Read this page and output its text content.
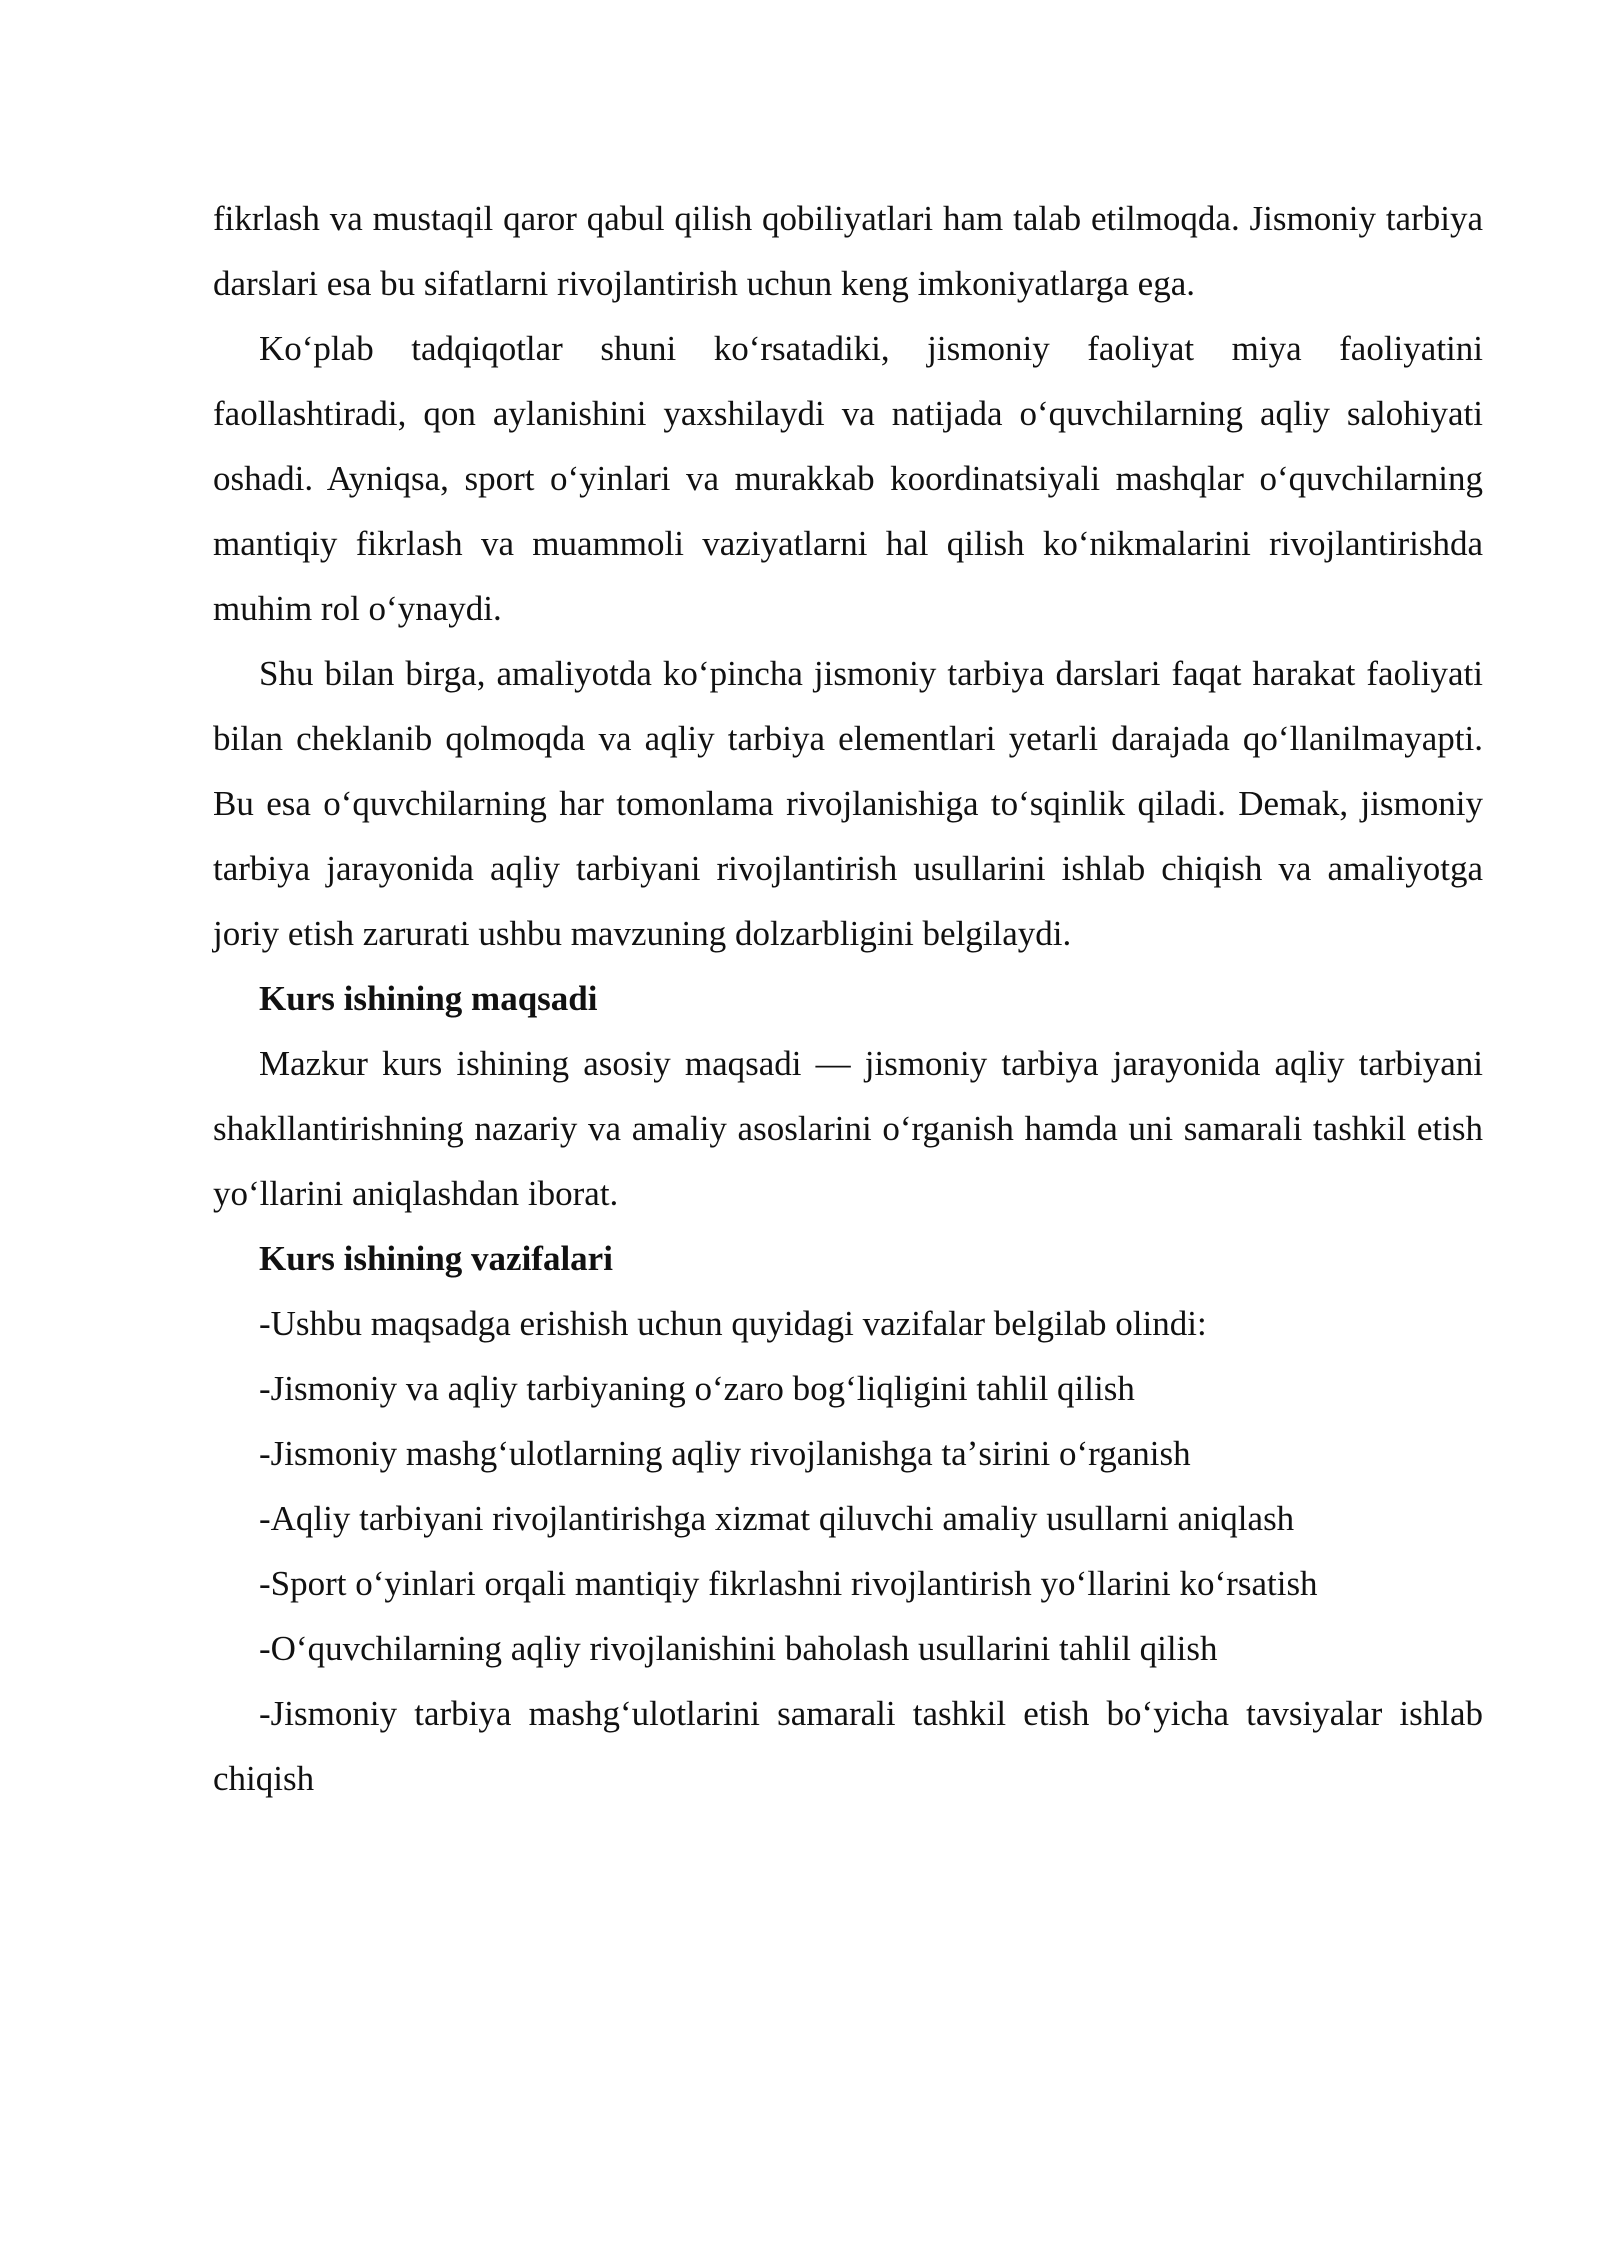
fikrlash va mustaqil qaror qabul qilish qobiliyatlari ham talab etilmoqda. Jismoniy tarbiya darslari esa bu sifatlarni rivojlantirish uchun keng imkoniyatlarga ega.

Koʻplab tadqiqotlar shuni koʻrsatadiki, jismoniy faoliyat miya faoliyatini faollashtiradi, qon aylanishini yaxshilaydi va natijada oʻquvchilarning aqliy salohiyati oshadi. Ayniqsa, sport oʻyinlari va murakkab koordinatsiyali mashqlar oʻquvchilarning mantiqiy fikrlash va muammoli vaziyatlarni hal qilish koʻnikmalarini rivojlantirishda muhim rol oʻynaydi.

Shu bilan birga, amaliyotda koʻpincha jismoniy tarbiya darslari faqat harakat faoliyati bilan cheklanib qolmoqda va aqliy tarbiya elementlari yetarli darajada qoʻllanilmayapti. Bu esa oʻquvchilarning har tomonlama rivojlanishiga toʻsqinlik qiladi. Demak, jismoniy tarbiya jarayonida aqliy tarbiyani rivojlantirish usullarini ishlab chiqish va amaliyotga joriy etish zarurati ushbu mavzuning dolzarbligini belgilaydi.

Kurs ishining maqsadi

Mazkur kurs ishining asosiy maqsadi — jismoniy tarbiya jarayonida aqliy tarbiyani shakllantirishning nazariy va amaliy asoslarini oʻrganish hamda uni samarali tashkil etish yoʻllarini aniqlashdan iborat.

Kurs ishining vazifalari

-Ushbu maqsadga erishish uchun quyidagi vazifalar belgilab olindi:

-Jismoniy va aqliy tarbiyaning oʻzaro bogʻliqligini tahlil qilish

-Jismoniy mashgʻulotlarning aqliy rivojlanishga taʼsirini oʻrganish

-Aqliy tarbiyani rivojlantirishga xizmat qiluvchi amaliy usullarni aniqlash

-Sport oʻyinlari orqali mantiqiy fikrlashni rivojlantirish yoʻllarini koʻrsatish

-Oʻquvchilarning aqliy rivojlanishini baholash usullarini tahlil qilish

-Jismoniy tarbiya mashgʻulotlarini samarali tashkil etish boʻyicha tavsiyalar ishlab chiqish
